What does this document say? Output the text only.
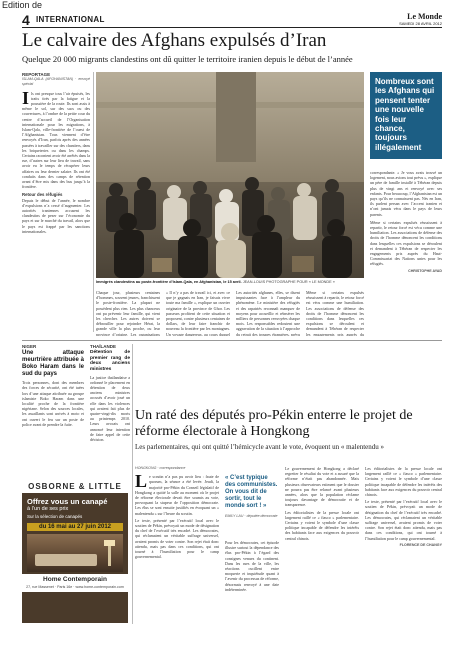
Edition de
4 INTERNATIONAL	Le Monde
SAMEDI 28 AVRIL 2012
Le calvaire des Afghans expulsés d’Iran
Quelque 20 000 migrants clandestins ont dû quitter le territoire iranien depuis le début de l’année
REPORTAGE
ISLAM-QALA (AFGHANISTAN) · envoyé spécial
I ls ont presque tous l’air épuisés, les traits tirés par la fatigue et la poussière de la route. Ils sont assis à même le sol, sur des sacs ou des couvertures, à l’ombre de la petite cour du centre d’accueil de l’Organisation internationale pour les migrations, à Islam-Qala, ville-frontière de l’ouest de l’Afghanistan. Tous viennent d’être renvoyés d’Iran, parfois après des années passées à travailler sur des chantiers, dans les briqueteries ou dans les champs. Certains racontent avoir été arrêtés dans la rue, d’autres sur leur lieu de travail, sans avoir eu le temps de récupérer leurs affaires ou leur dernier salaire. Ils ont été conduits dans des camps de rétention avant d’être mis dans des bus jusqu’à la frontière.
Retour des réfugiés
Depuis le début de l’année, le nombre d’expulsions n’a cessé d’augmenter. Les autorités iraniennes accusent les clandestins de peser sur l’économie du pays et sur le marché du travail, alors que le pays est frappé par les sanctions internationales.
Immigrés clandestins au poste-frontière d’Islam-Qala, en Afghanistan, le 15 avril. JEAN-LOUIS PHOTOGRAPHE POUR « LE MONDE »
Nombreux sont les Afghans qui pensent tenter une nouvelle fois leur chance, toujours illégalement
correspondante. « Je vous avais trouvé un logement, nous avions tout prévu », explique un père de famille installé à Téhéran depuis plus de vingt ans et renvoyé avec ses enfants. Pour beaucoup, l’Afghanistan est un pays qu’ils ne connaissent pas. Nés en Iran, ils parlent persan avec l’accent iranien et n’ont jamais vécu dans le pays de leurs parents.
Même si certains expulsés réussissent à repartir, le retour forcé est vécu comme une humiliation. Les associations de défense des droits de l’homme dénoncent les conditions dans lesquelles ces expulsions se déroulent et demandent à Téhéran de respecter les engagements pris auprès du Haut-Commissariat des Nations unies pour les réfugiés.
CHRISTOPHE AYAD
Chaque jour, plusieurs centaines d’hommes, souvent jeunes, franchissent le poste-frontière. La plupart ne possèdent plus rien. Les plus chanceux ont pu prévenir leur famille, qui vient les chercher. Les autres doivent se débrouiller pour rejoindre Hérat, la grande ville la plus proche, ou leur province d’origine. Les organisations
« Il n’y a pas de travail ici, et avec ce que je gagnais en Iran, je faisais vivre toute ma famille », explique un ouvrier originaire de la province de Ghor. Les passeurs profitent de cette situation et proposent, contre plusieurs centaines de dollars, de leur faire franchir de nouveau la frontière par les montagnes. Un voyage dangereux, au cours duquel
Les autorités afghanes, elles, se disent impuissantes face à l’ampleur du phénomène. Le ministère des réfugiés et des rapatriés reconnaît manquer de moyens pour accueillir et réinsérer les milliers de personnes renvoyées chaque mois. Les responsables redoutent une aggravation de la situation à l’approche du retrait des troupes étrangères, prévu
Même si certains expulsés réussissent à repartir, le retour forcé est vécu comme une humiliation. Les associations de défense des droits de l’homme dénoncent les conditions dans lesquelles ces expulsions se déroulent et demandent à Téhéran de respecter les engagements pris auprès du
NIGER
Une attaque meurtrière attribuée à Boko Haram dans le sud du pays
Trois personnes, dont des membres des forces de sécurité, ont été tuées lors d’une attaque attribuée au groupe islamiste Boko Haram dans une localité proche de la frontière nigériane. Selon des sources locales, les assaillants sont arrivés à moto et ont ouvert le feu sur un poste de police avant de prendre la fuite.
THAÏLANDE
Détention de premier rang de deux anciens ministres
La justice thaïlandaise a ordonné le placement en détention de deux anciens ministres accusés d’avoir joué un rôle dans les violences qui avaient fait plus de quatre-vingt-dix morts au printemps 2010. Leurs avocats ont annoncé leur intention de faire appel de cette décision.
OSBORNE & LITTLE
Offrez vous un canapé
à l’un de ses prix
Sur la sélection de canapés
du 16 mai au 27 juin 2012
Home Contemporain
27, rue Massenet · Paris 16e · www.home-contemporain.com
Un raté des députés pro-Pékin enterre le projet de réforme électorale à Hongkong
Les parlementaires, qui ont quitté l’hémicycle avant le vote, évoquent un « malentendu »
HONGKONG · correspondance
L e scrutin n’a pas pu avoir lieu : faute de quorum, la séance a été levée. Jeudi, la majorité pro-Pékin du Conseil législatif de Hongkong a quitté la salle au moment où le projet de réforme électorale devait être soumis au vote, provoquant la stupeur de l’opposition démocrate. Les élus se sont ensuite justifiés en évoquant un « malentendu » sur l’heure du scrutin.
Le texte, présenté par l’exécutif local avec le soutien de Pékin, prévoyait un mode de désignation du chef de l’exécutif très encadré. Les démocrates, qui réclamaient un véritable suffrage universel, avaient promis de voter contre. Son rejet était donc attendu, mais pas dans ces conditions, qui ont tourné à l’humiliation pour le camp gouvernemental.
« C’est typique des communistes. On vous dit de sortir, tout le monde sort ! »
EMILY LAU · députée démocrate
Pour les démocrates, cet épisode illustre surtout la dépendance des élus pro-Pékin à l’égard des consignes venues du continent. Dans les rues de la ville, les réactions oscillent entre moquerie et inquiétude quant à l’avenir du processus de réforme, désormais renvoyé à une date indéterminée.
Le gouvernement de Hongkong a déclaré regretter le résultat du vote et a assuré que la réforme n’était pas abandonnée. Mais plusieurs observateurs estiment que le dossier ne pourra pas être relancé avant plusieurs années, alors que la population réclame toujours davantage de démocratie et de transparence.
Les éditorialistes de la presse locale ont largement raillé ce « fiasco » parlementaire. Certains y voient le symbole d’une classe politique incapable de défendre les intérêts des habitants face aux exigences du pouvoir central chinois.
Les éditorialistes de la presse locale ont largement raillé ce « fiasco » parlementaire. Certains y voient le symbole d’une classe politique incapable de défendre les intérêts des habitants face aux exigences du pouvoir central chinois.
Le texte, présenté par l’exécutif local avec le soutien de Pékin, prévoyait un mode de désignation du chef de l’exécutif très encadré. Les démocrates, qui réclamaient un véritable suffrage universel, avaient promis de voter contre. Son rejet était donc attendu, mais pas dans ces conditions, qui ont tourné à l’humiliation pour le camp gouvernemental.
FLORENCE DE CHANGY
